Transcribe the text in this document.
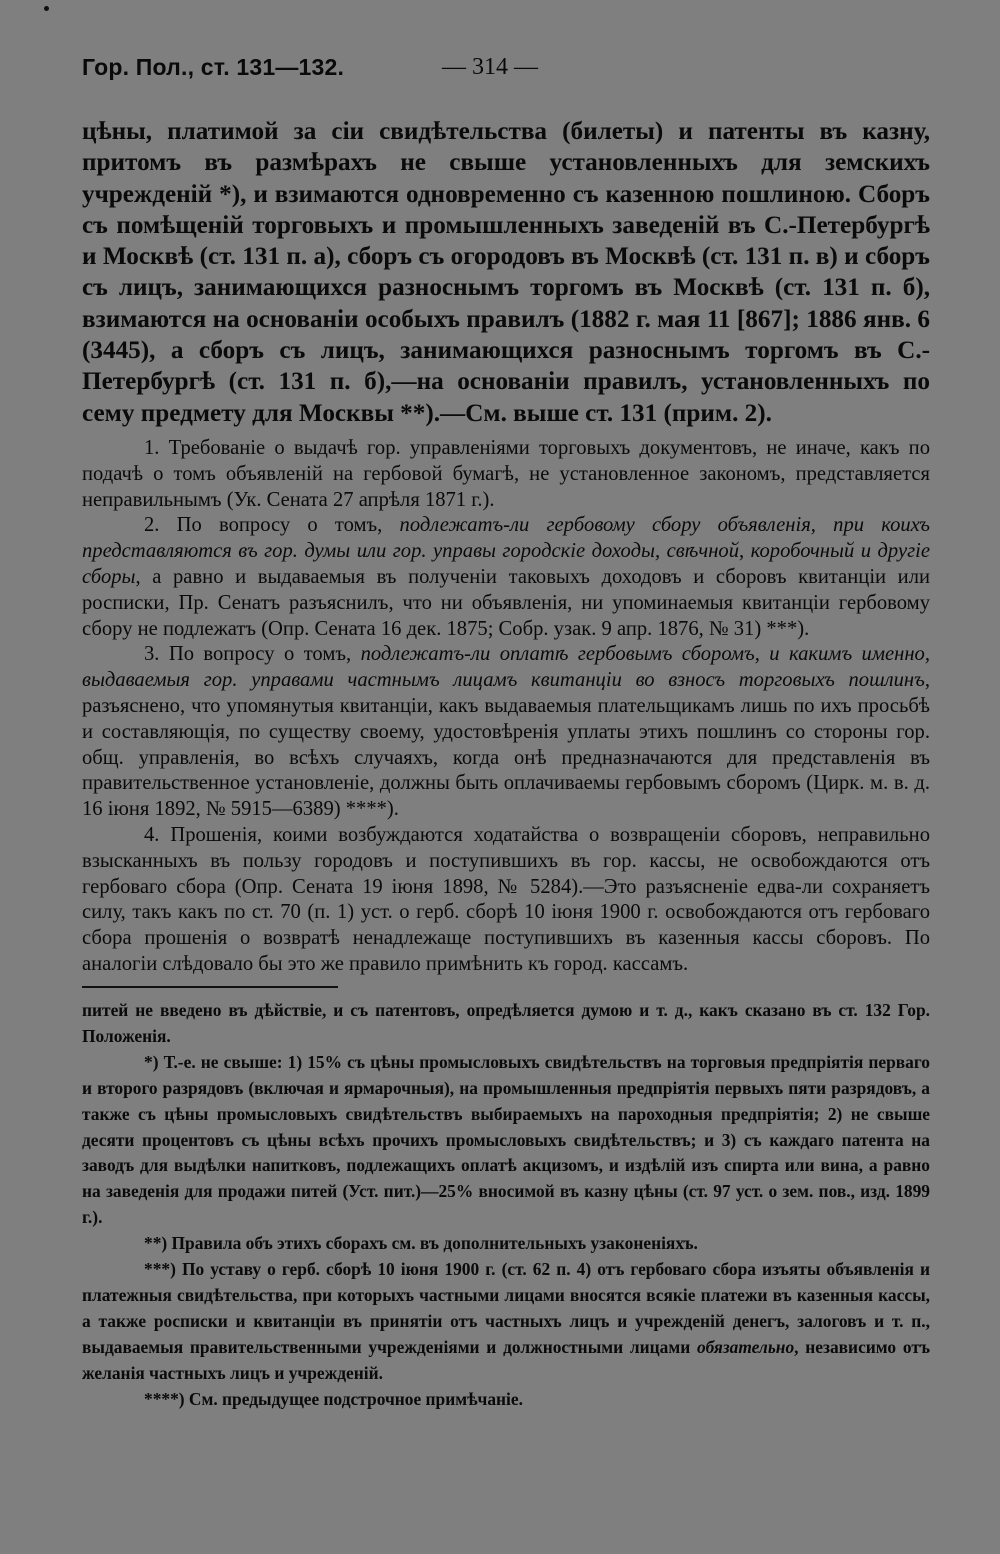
Гор. Пол., ст. 131—132.	— 314 —

цѣны, платимой за сіи свидѣтельства (билеты) и патенты въ казну, притомъ въ размѣрахъ не свыше установленныхъ для земскихъ учрежденій *), и взимаются одновременно съ казенною пошлиною. Сборъ съ помѣщеній торговыхъ и промышленныхъ заведеній въ С.-Петербургѣ и Москвѣ (ст. 131 п. а), сборъ съ огородовъ въ Москвѣ (ст. 131 п. в) и сборъ съ лицъ, занимающихся разноснымъ торгомъ въ Москвѣ (ст. 131 п. б), взимаются на основаніи особыхъ правилъ (1882 г. мая 11 [867]; 1886 янв. 6 (3445), а сборъ съ лицъ, занимающихся разноснымъ торгомъ въ С.-Петербургѣ (ст. 131 п. б),—на основаніи правилъ, установленныхъ по сему предмету для Москвы **).—См. выше ст. 131 (прим. 2).

1. Требованіе о выдачѣ гор. управленіями торговыхъ документовъ, не иначе, какъ по подачѣ о томъ объявленій на гербовой бумагѣ, не установленное закономъ, представляется неправильнымъ (Ук. Сената 27 апрѣля 1871 г.).

2. По вопросу о томъ, подлежатъ-ли гербовому сбору объявленія, при коихъ представляются въ гор. думы или гор. управы городскіе доходы, свѣчной, коробочный и другіе сборы, а равно и выдаваемыя въ полученіи таковыхъ доходовъ и сборовъ квитанціи или росписки, Пр. Сенатъ разъяснилъ, что ни объявленія, ни упоминаемыя квитанціи гербовому сбору не подлежатъ (Опр. Сената 16 дек. 1875; Собр. узак. 9 апр. 1876, № 31) ***).

3. По вопросу о томъ, подлежатъ-ли оплатѣ гербовымъ сборомъ, и какимъ именно, выдаваемыя гор. управами частнымъ лицамъ квитанціи во взносъ торговыхъ пошлинъ, разъяснено, что упомянутыя квитанціи, какъ выдаваемыя плательщикамъ лишь по ихъ просьбѣ и составляющія, по существу своему, удостовѣренія уплаты этихъ пошлинъ со стороны гор. общ. управленія, во всѣхъ случаяхъ, когда онѣ предназначаются для представленія въ правительственное установленіе, должны быть оплачиваемы гербовымъ сборомъ (Цирк. м. в. д. 16 іюня 1892, № 5915—6389) ****).

4. Прошенія, коими возбуждаются ходатайства о возвращеніи сборовъ, неправильно взысканныхъ въ пользу городовъ и поступившихъ въ гор. кассы, не освобождаются отъ гербоваго сбора (Опр. Сената 19 іюня 1898, № 5284).—Это разъясненіе едва-ли сохраняетъ силу, такъ какъ по ст. 70 (п. 1) уст. о герб. сборѣ 10 іюня 1900 г. освобождаются отъ гербоваго сбора прошенія о возвратѣ ненадлежаще поступившихъ въ казенныя кассы сборовъ. По аналогіи слѣдовало бы это же правило примѣнить къ город. кассамъ.

питей не введено въ дѣйствіе, и съ патентовъ, опредѣляется думою и т. д., какъ сказано въ ст. 132 Гор. Положенія.

*) Т.-е. не свыше: 1) 15% съ цѣны промысловыхъ свидѣтельствъ на торговыя предпріятія перваго и второго разрядовъ (включая и ярмарочныя), на промышленныя предпріятія первыхъ пяти разрядовъ, а также съ цѣны промысловыхъ свидѣтельствъ выбираемыхъ на пароходныя предпріятія; 2) не свыше десяти процентовъ съ цѣны всѣхъ прочихъ промысловыхъ свидѣтельствъ; и 3) съ каждаго патента на заводъ для выдѣлки напитковъ, подлежащихъ оплатѣ акцизомъ, и издѣлій изъ спирта или вина, а равно на заведенія для продажи питей (Уст. пит.)—25% вносимой въ казну цѣны (ст. 97 уст. о зем. пов., изд. 1899 г.).

**) Правила объ этихъ сборахъ см. въ дополнительныхъ узаконеніяхъ.

***) По уставу о герб. сборѣ 10 іюня 1900 г. (ст. 62 п. 4) отъ гербоваго сбора изъяты объявленія и платежныя свидѣтельства, при которыхъ частными лицами вносятся всякіе платежи въ казенныя кассы, а также росписки и квитанціи въ принятіи отъ частныхъ лицъ и учрежденій денегъ, залоговъ и т. п., выдаваемыя правительственными учрежденіями и должностными лицами обязательно, независимо отъ желанія частныхъ лицъ и учрежденій.

****) См. предыдущее подстрочное примѣчаніе.
